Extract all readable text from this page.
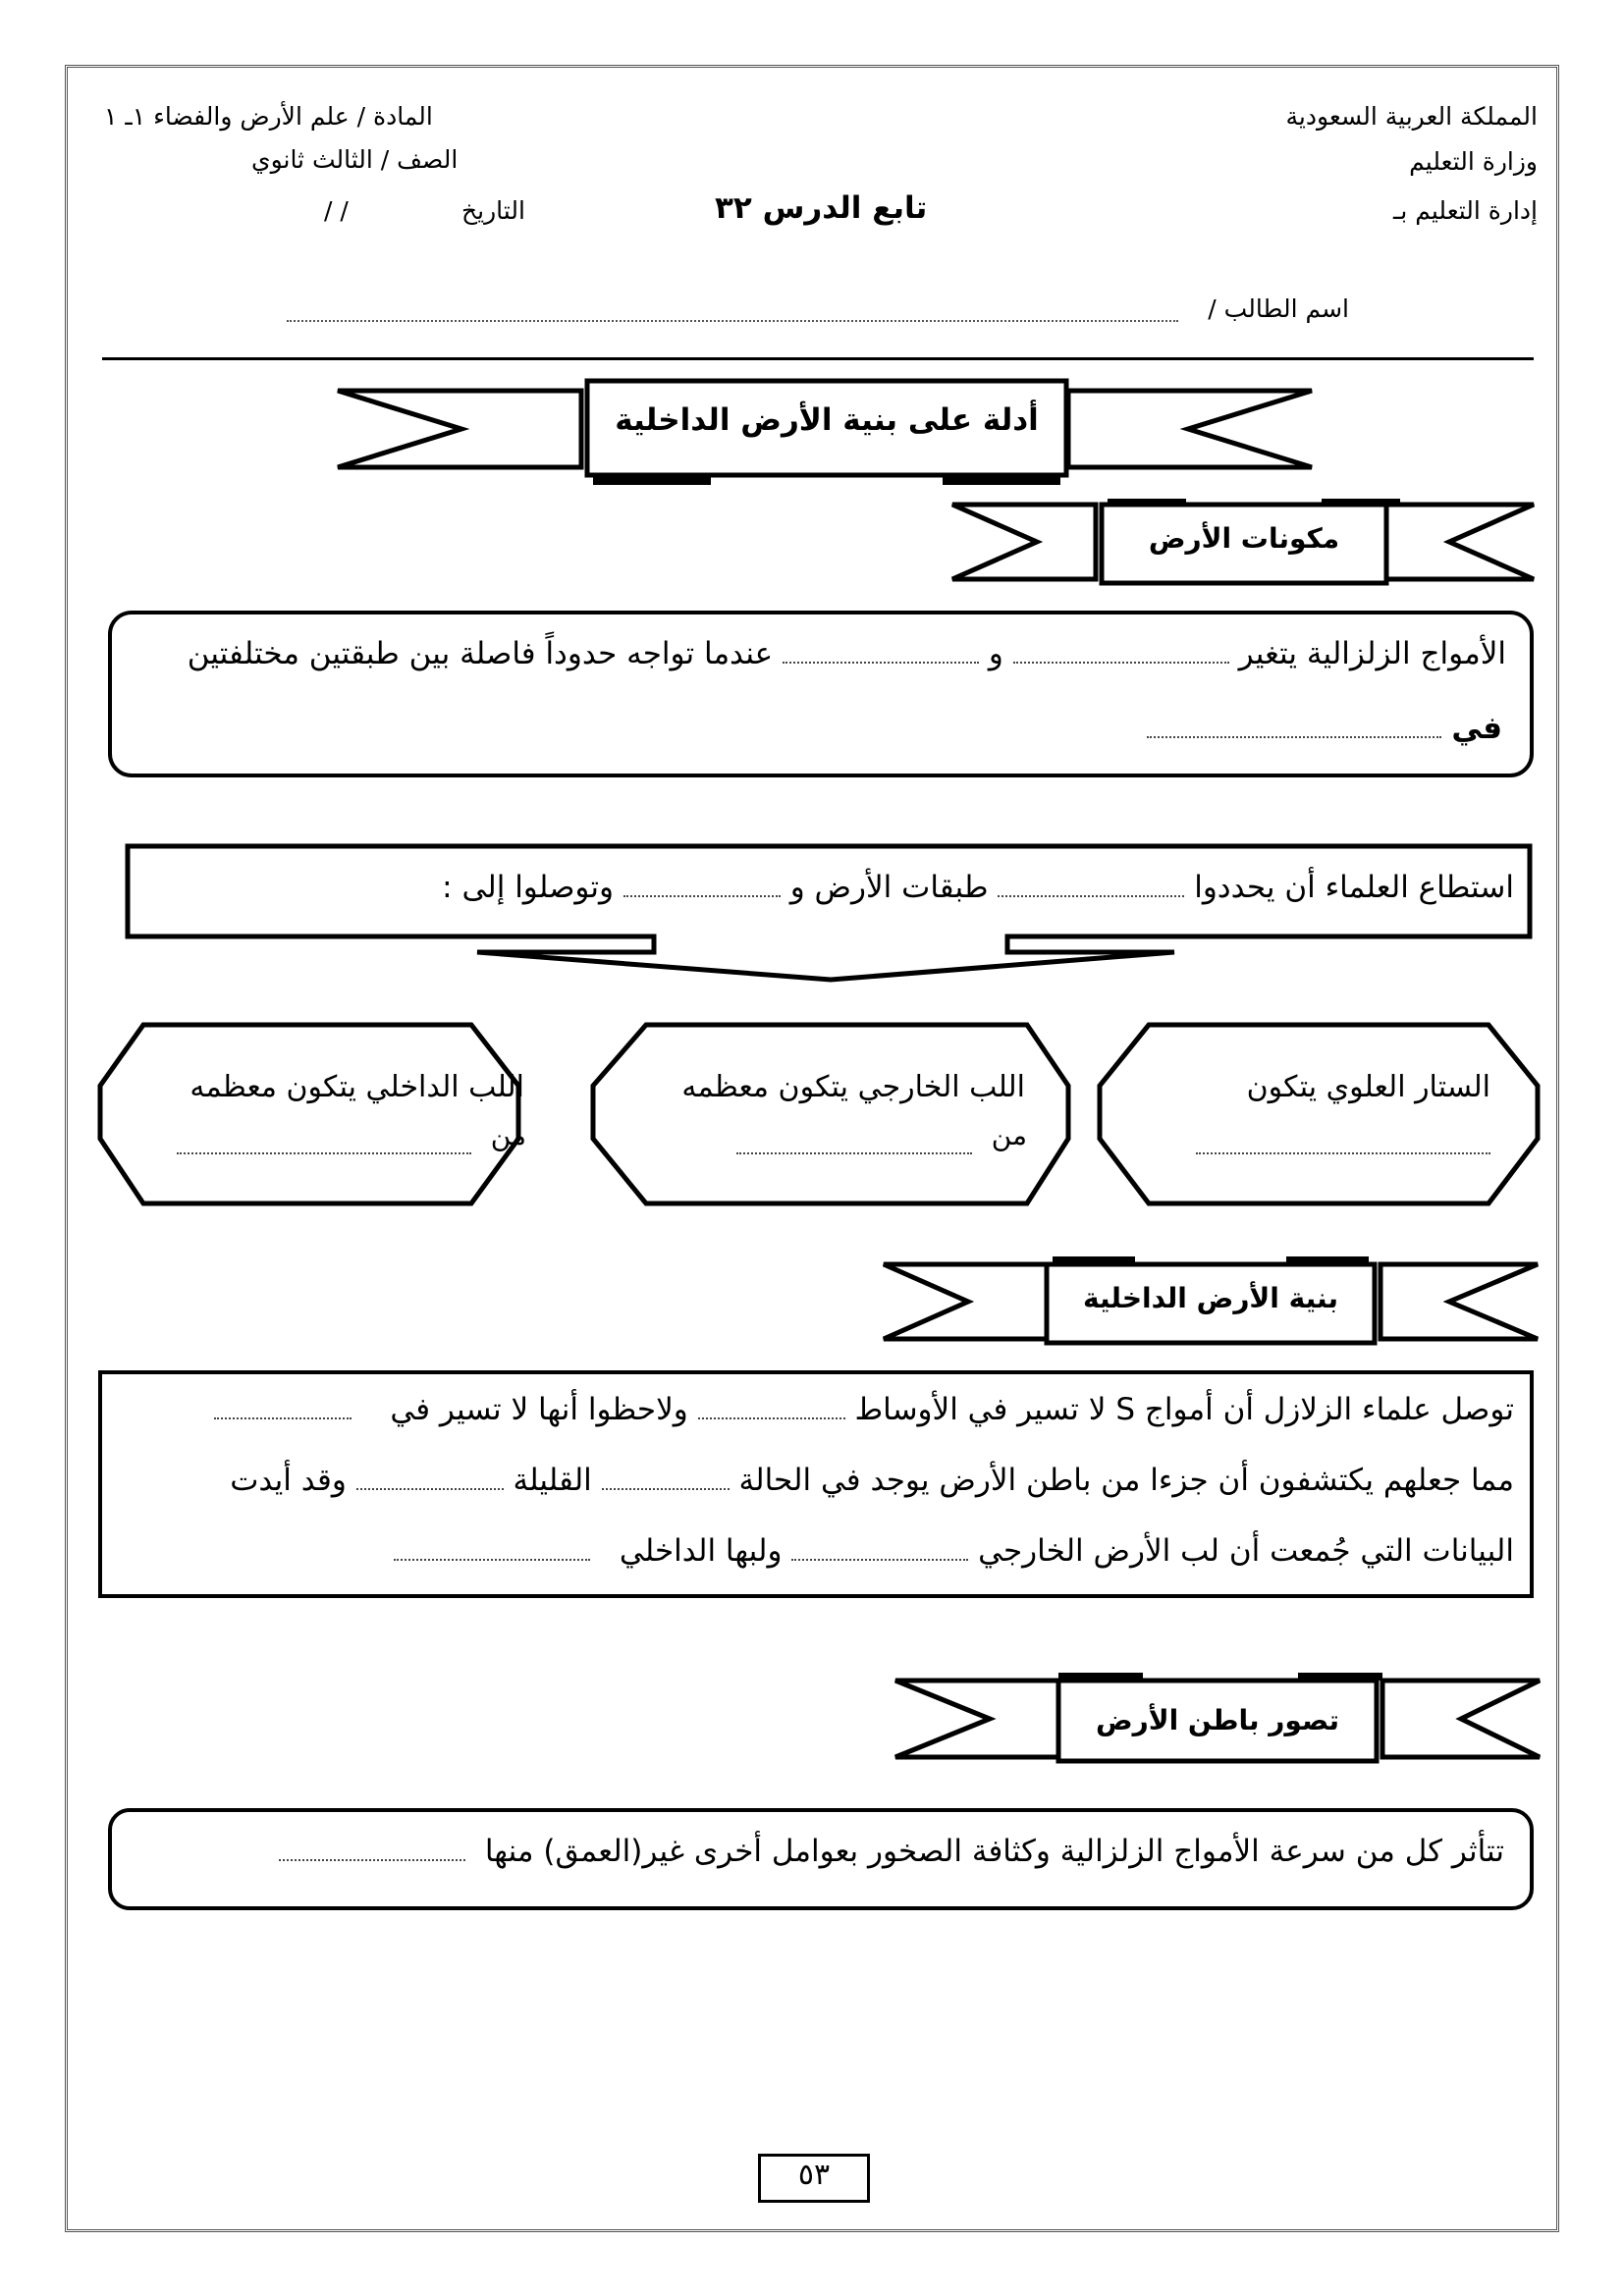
المملكة العربية السعودية
وزارة التعليم
إدارة التعليم بـ
المادة / علم الأرض والفضاء ١ـ ١
الصف / الثالث ثانوي
التاريخ
/ /	تابع الدرس ٣٢
اسم الطالب /
أدلة على بنية الأرض الداخلية
مكونات الأرض
الأمواج الزلزالية يتغير  و  عندما تواجه حدوداً فاصلة بين طبقتين مختلفتين
في
استطاع العلماء أن يحددوا  طبقات الأرض و  وتوصلوا إلى :
الستار العلوي يتكون
اللب الخارجي يتكون معظمه
من
اللب الداخلي يتكون معظمه
من
بنية الأرض الداخلية
توصل علماء الزلازل أن أمواج S لا تسير في الأوساط  ولاحظوا أنها لا تسير في
مما جعلهم يكتشفون أن جزءا من باطن الأرض يوجد في الحالة  القليلة  وقد أيدت
البيانات التي جُمعت أن لب الأرض الخارجي  ولبها الداخلي
تصور باطن الأرض
تتأثر كل من سرعة الأمواج الزلزالية وكثافة الصخور بعوامل أخرى غير(العمق) منها
٥٣
